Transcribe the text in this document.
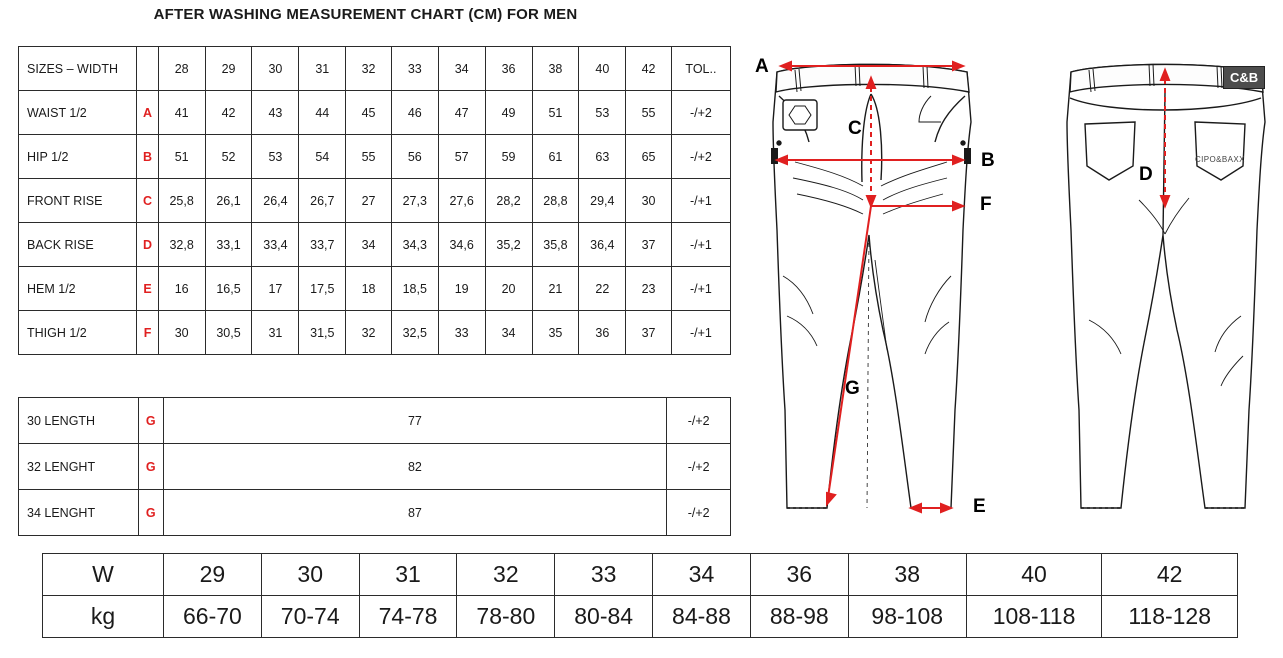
AFTER WASHING MEASUREMENT CHART (CM) FOR MEN
SIZES – WIDTH		28	29	30	31	32	33	34	36	38	40	42	TOL..
WAIST 1/2	A	41	42	43	44	45	46	47	49	51	53	55	-/+2
HIP 1/2	B	51	52	53	54	55	56	57	59	61	63	65	-/+2
FRONT RISE	C	25,8	26,1	26,4	26,7	27	27,3	27,6	28,2	28,8	29,4	30	-/+1
BACK RISE	D	32,8	33,1	33,4	33,7	34	34,3	34,6	35,2	35,8	36,4	37	-/+1
HEM 1/2	E	16	16,5	17	17,5	18	18,5	19	20	21	22	23	-/+1
THIGH 1/2	F	30	30,5	31	31,5	32	32,5	33	34	35	36	37	-/+1
30 LENGTH	G	77	-/+2
32 LENGHT	G	82	-/+2
34 LENGHT	G	87	-/+2
W	29	30	31	32	33	34	36	38	40	42
kg	66-70	70-74	74-78	78-80	80-84	84-88	88-98	98-108	108-118	118-128
A
C
B
F
G
E
D
C&B
CIPO&BAXX
